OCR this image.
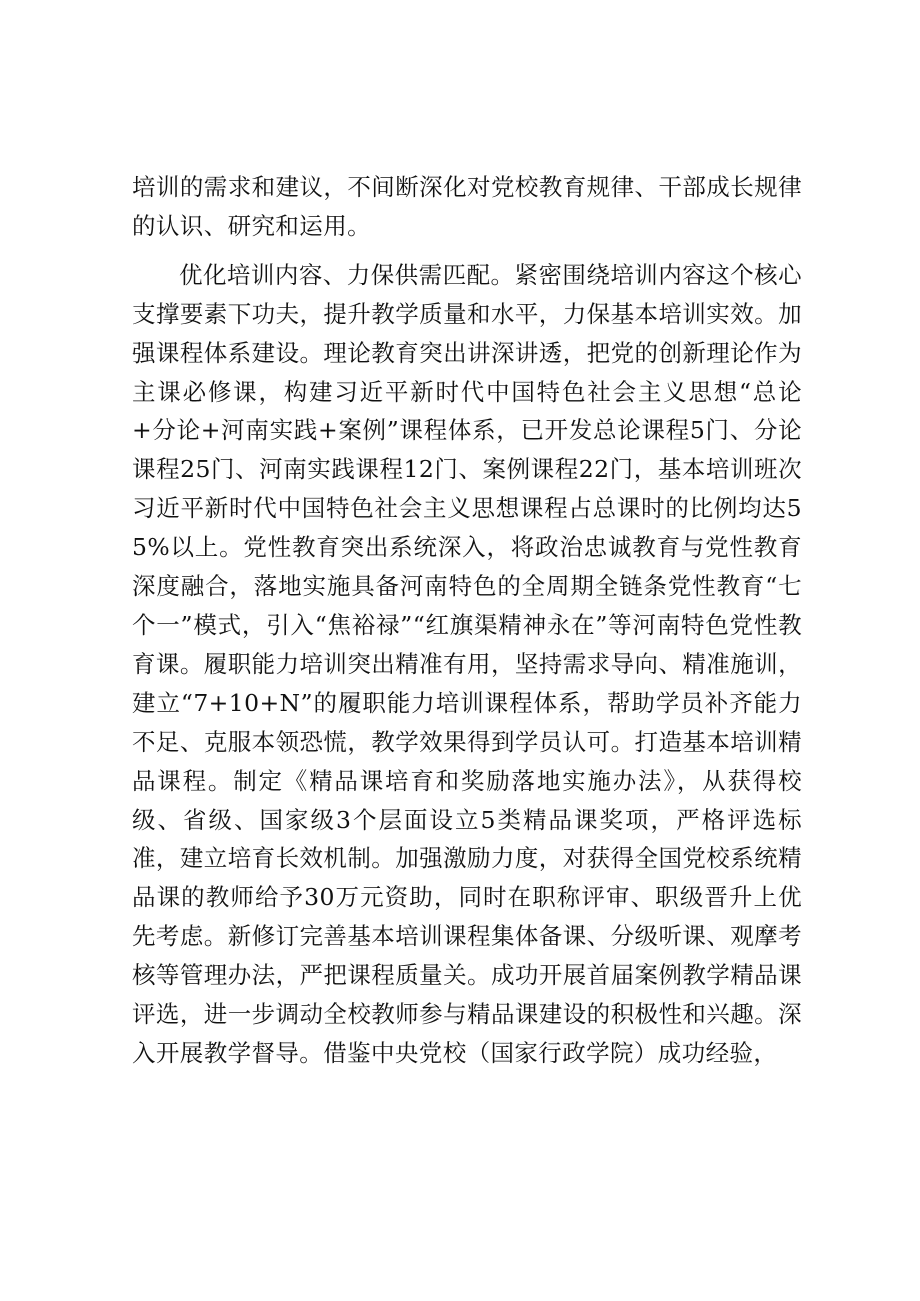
培训的需求和建议，不间断深化对党校教育规律、干部成长规律的认识、研究和运用。

优化培训内容、力保供需匹配。紧密围绕培训内容这个核心支撑要素下功夫，提升教学质量和水平，力保基本培训实效。加强课程体系建设。理论教育突出讲深讲透，把党的创新理论作为主课必修课，构建习近平新时代中国特色社会主义思想“总论+分论+河南实践+案例”课程体系，已开发总论课程5门、分论课程25门、河南实践课程12门、案例课程22门，基本培训班次习近平新时代中国特色社会主义思想课程占总课时的比例均达55%以上。党性教育突出系统深入，将政治忠诚教育与党性教育深度融合，落地实施具备河南特色的全周期全链条党性教育“七个一”模式，引入“焦裕禄”“红旗渠精神永在”等河南特色党性教育课。履职能力培训突出精准有用，坚持需求导向、精准施训，建立“7+10+N”的履职能力培训课程体系，帮助学员补齐能力不足、克服本领恐慌，教学效果得到学员认可。打造基本培训精品课程。制定《精品课培育和奖励落地实施办法》，从获得校级、省级、国家级3个层面设立5类精品课奖项，严格评选标准，建立培育长效机制。加强激励力度，对获得全国党校系统精品课的教师给予30万元资助，同时在职称评审、职级晋升上优先考虑。新修订完善基本培训课程集体备课、分级听课、观摩考核等管理办法，严把课程质量关。成功开展首届案例教学精品课评选，进一步调动全校教师参与精品课建设的积极性和兴趣。深入开展教学督导。借鉴中央党校（国家行政学院）成功经验，
